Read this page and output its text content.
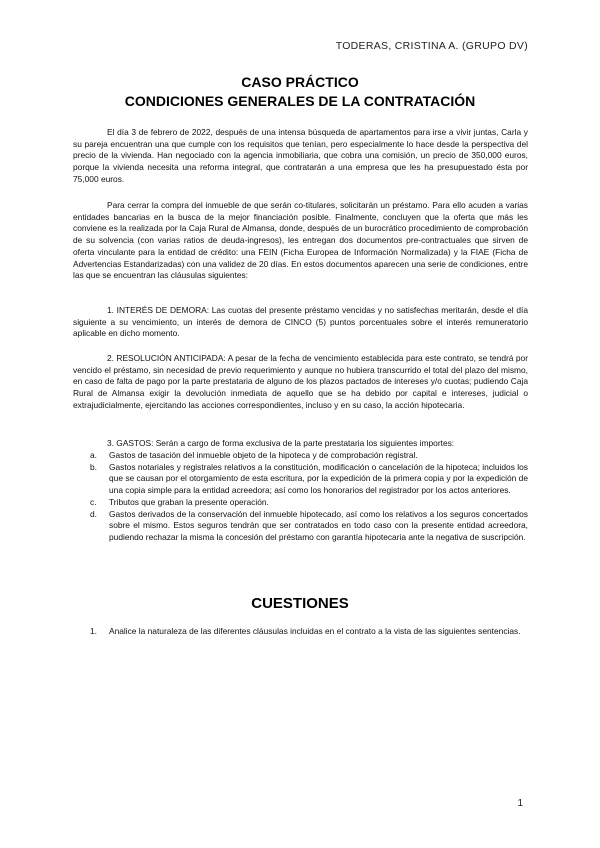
TODERAS, CRISTINA A. (GRUPO DV)
CASO PRÁCTICO
CONDICIONES GENERALES DE LA CONTRATACIÓN

El día 3 de febrero de 2022, después de una intensa búsqueda de apartamentos para irse a vivir juntas, Carla y su pareja encuentran una que cumple con los requisitos que tenían, pero especialmente lo hace desde la perspectiva del precio de la vivienda. Han negociado con la agencia inmobiliaria, que cobra una comisión, un precio de 350,000 euros, porque la vivienda necesita una reforma integral, que contratarán a una empresa que les ha presupuestado ésta por 75,000 euros.

Para cerrar la compra del inmueble de que serán co-titulares, solicitarán un préstamo. Para ello acuden a varias entidades bancarias en la busca de la mejor financiación posible. Finalmente, concluyen que la oferta que más les conviene es la realizada por la Caja Rural de Almansa, donde, después de un burocrático procedimiento de comprobación de su solvencia (con varias ratios de deuda-ingresos), les entregan dos documentos pre-contractuales que sirven de oferta vinculante para la entidad de crédito: una FEIN (Ficha Europea de Información Normalizada) y la FIAE (Ficha de Advertencias Estandarizadas) con una validez de 20 días. En estos documentos aparecen una serie de condiciones, entre las que se encuentran las cláusulas siguientes:

1. INTERÉS DE DEMORA: Las cuotas del presente préstamo vencidas y no satisfechas meritarán, desde el día siguiente a su vencimiento, un interés de demora de CINCO (5) puntos porcentuales sobre el interés remuneratorio aplicable en dicho momento.

2. RESOLUCIÓN ANTICIPADA: A pesar de la fecha de vencimiento establecida para este contrato, se tendrá por vencido el préstamo, sin necesidad de previo requerimiento y aunque no hubiera transcurrido el total del plazo del mismo, en caso de falta de pago por la parte prestataria de alguno de los plazos pactados de intereses y/o cuotas; pudiendo Caja Rural de Almansa exigir la devolución inmediata de aquello que se ha debido por capital e intereses, judicial o extrajudicialmente, ejercitando las acciones correspondientes, incluso y en su caso, la acción hipotecaria.

3. GASTOS: Serán a cargo de forma exclusiva de la parte prestataria los siguientes importes:

a. Gastos de tasación del inmueble objeto de la hipoteca y de comprobación registral.
b. Gastos notariales y registrales relativos a la constitución, modificación o cancelación de la hipoteca; incluidos los que se causan por el otorgamiento de esta escritura, por la expedición de la primera copia y por la expedición de una copia simple para la entidad acreedora; así como los honorarios del registrador por los actos anteriores.
c. Tributos que graban la presente operación.
d. Gastos derivados de la conservación del inmueble hipotecado, así como los relativos a los seguros concertados sobre el mismo. Estos seguros tendrán que ser contratados en todo caso con la presente entidad acreedora, pudiendo rechazar la misma la concesión del préstamo con garantía hipotecaria ante la negativa de suscripción.
CUESTIONES
1.	Analice la naturaleza de las diferentes cláusulas incluidas en el contrato a la vista de las siguientes sentencias.
1
